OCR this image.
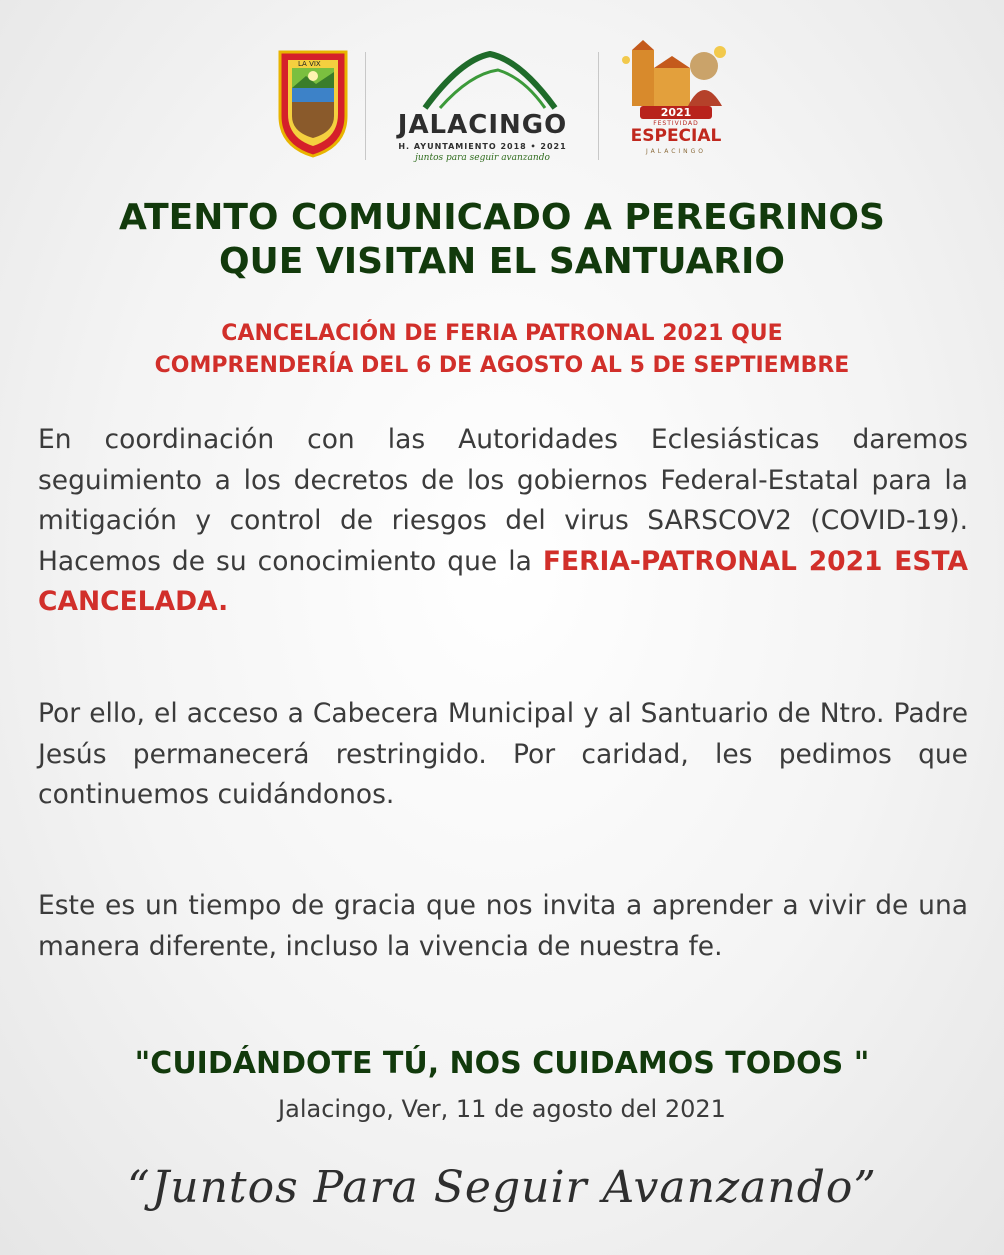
LA VIX
JALACINGO
H. AYUNTAMIENTO 2018 • 2021
juntos para seguir avanzando
2021
FESTIVIDAD
ESPECIAL
JALACINGO
ATENTO COMUNICADO A PEREGRINOS
QUE VISITAN EL SANTUARIO
CANCELACIÓN DE FERIA PATRONAL 2021 QUE
COMPRENDERÍA DEL 6 DE AGOSTO AL 5 DE SEPTIEMBRE

En coordinación con las Autoridades Eclesiásticas daremos seguimiento a los decretos de los gobiernos Federal-Estatal para la mitigación y control de riesgos del virus SARSCOV2 (COVID-19). Hacemos de su conocimiento que la FERIA-PATRONAL 2021 ESTA CANCELADA.

Por ello, el acceso a Cabecera Municipal y al Santuario de Ntro. Padre Jesús permanecerá restringido. Por caridad, les pedimos que continuemos cuidándonos.

Este es un tiempo de gracia que nos invita a aprender a vivir de una manera diferente, incluso la vivencia de nuestra fe.

"CUIDÁNDOTE TÚ, NOS CUIDAMOS TODOS "

Jalacingo, Ver, 11 de agosto del 2021

“Juntos Para Seguir Avanzando”
